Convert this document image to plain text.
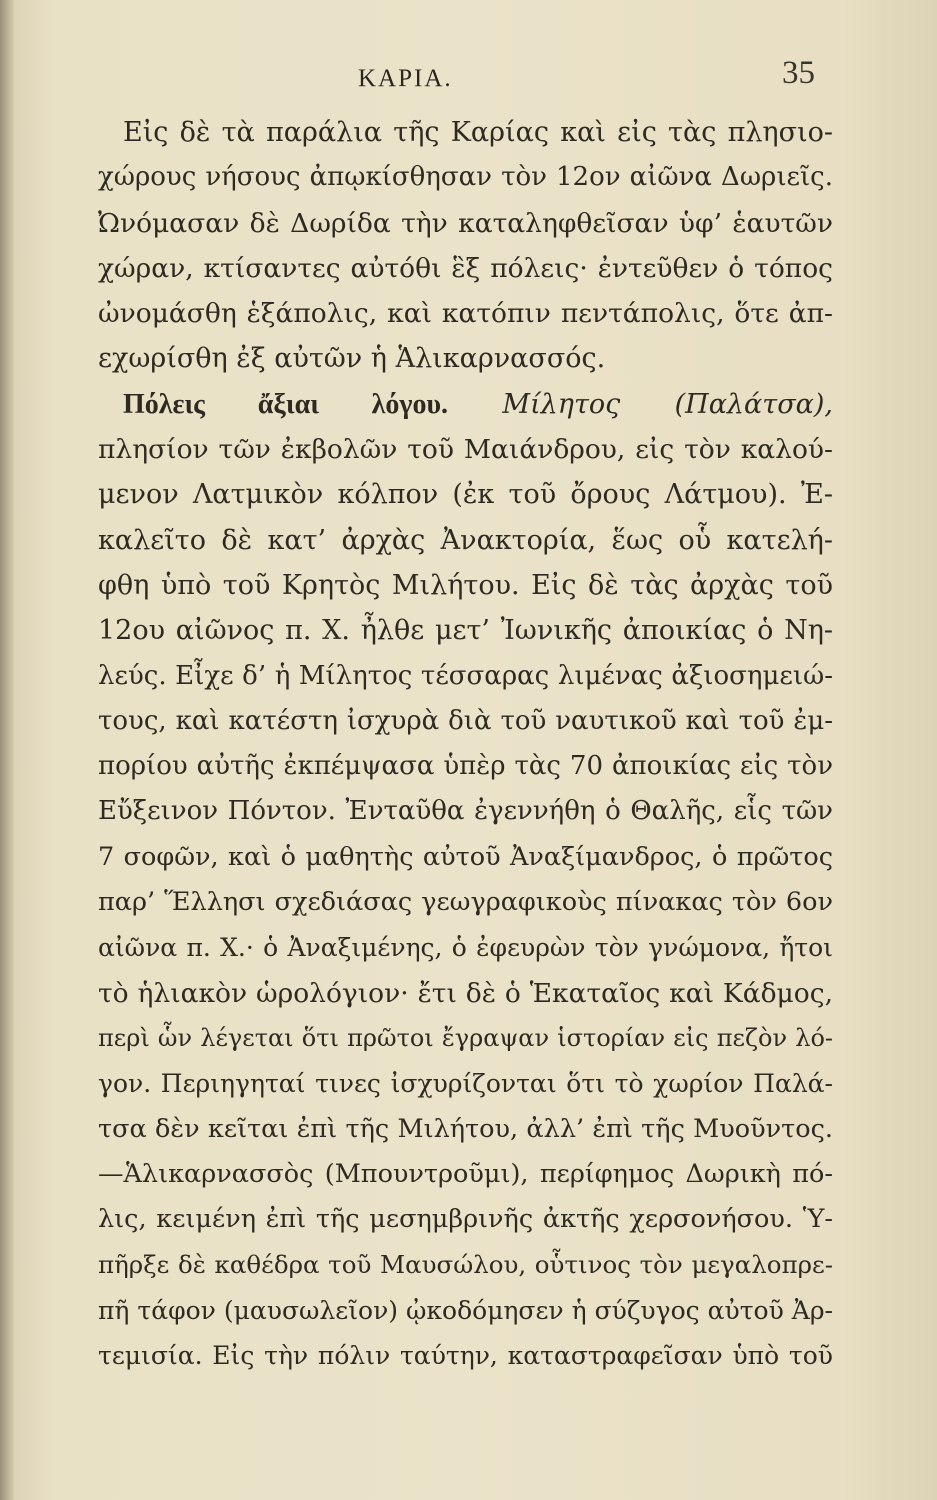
ΚΑΡΙΑ.	35
Εἰς δὲ τὰ παράλια τῆς Καρίας καὶ εἰς τὰς πλησιο-
χώρους νήσους ἀπῳκίσθησαν τὸν 12ον αἰῶνα Δωριεῖς.
Ὠνόμασαν δὲ Δωρίδα τὴν καταληφθεῖσαν ὑφ’ ἑαυτῶν
χώραν, κτίσαντες αὐτόθι ἓξ πόλεις· ἐντεῦθεν ὁ τόπος
ὠνομάσθη ἑξάπολις, καὶ κατόπιν πεντάπολις, ὅτε ἀπ-
εχωρίσθη ἐξ αὐτῶν ἡ Ἁλικαρνασσός.
Πόλεις ἄξιαι λόγου. Μίλητος (Παλάτσα),
πλησίον τῶν ἐκβολῶν τοῦ Μαιάνδρου, εἰς τὸν καλού-
μενον Λατμικὸν κόλπον (ἐκ τοῦ ὄρους Λάτμου). Ἐ-
καλεῖτο δὲ κατ’ ἀρχὰς Ἀνακτορία, ἕως οὗ κατελή-
φθη ὑπὸ τοῦ Κρητὸς Μιλήτου. Εἰς δὲ τὰς ἀρχὰς τοῦ
12ου αἰῶνος π. Χ. ἦλθε μετ’ Ἰωνικῆς ἀποικίας ὁ Νη-
λεύς. Εἶχε δ’ ἡ Μίλητος τέσσαρας λιμένας ἀξιοσημειώ-
τους, καὶ κατέστη ἰσχυρὰ διὰ τοῦ ναυτικοῦ καὶ τοῦ ἐμ-
πορίου αὐτῆς ἐκπέμψασα ὑπὲρ τὰς 70 ἀποικίας εἰς τὸν
Εὔξεινον Πόντον. Ἐνταῦθα ἐγεννήθη ὁ Θαλῆς, εἷς τῶν
7 σοφῶν, καὶ ὁ μαθητὴς αὐτοῦ Ἀναξίμανδρος, ὁ πρῶτος
παρ’ Ἕλλησι σχεδιάσας γεωγραφικοὺς πίνακας τὸν 6ον
αἰῶνα π. Χ.· ὁ Ἀναξιμένης, ὁ ἐφευρὼν τὸν γνώμονα, ἤτοι
τὸ ἡλιακὸν ὡρολόγιον· ἔτι δὲ ὁ Ἑκαταῖος καὶ Κάδμος,
περὶ ὧν λέγεται ὅτι πρῶτοι ἔγραψαν ἱστορίαν εἰς πεζὸν λό-
γον. Περιηγηταί τινες ἰσχυρίζονται ὅτι τὸ χωρίον Παλά-
τσα δὲν κεῖται ἐπὶ τῆς Μιλήτου, ἀλλ’ ἐπὶ τῆς Μυοῦντος.
—Ἁλικαρνασσὸς (Μπουντροῦμι), περίφημος Δωρικὴ πό-
λις, κειμένη ἐπὶ τῆς μεσημβρινῆς ἀκτῆς χερσονήσου. Ὑ-
πῆρξε δὲ καθέδρα τοῦ Μαυσώλου, οὗτινος τὸν μεγαλοπρε-
πῆ τάφον (μαυσωλεῖον) ᾠκοδόμησεν ἡ σύζυγος αὐτοῦ Ἀρ-
τεμισία. Εἰς τὴν πόλιν ταύτην, καταστραφεῖσαν ὑπὸ τοῦ
